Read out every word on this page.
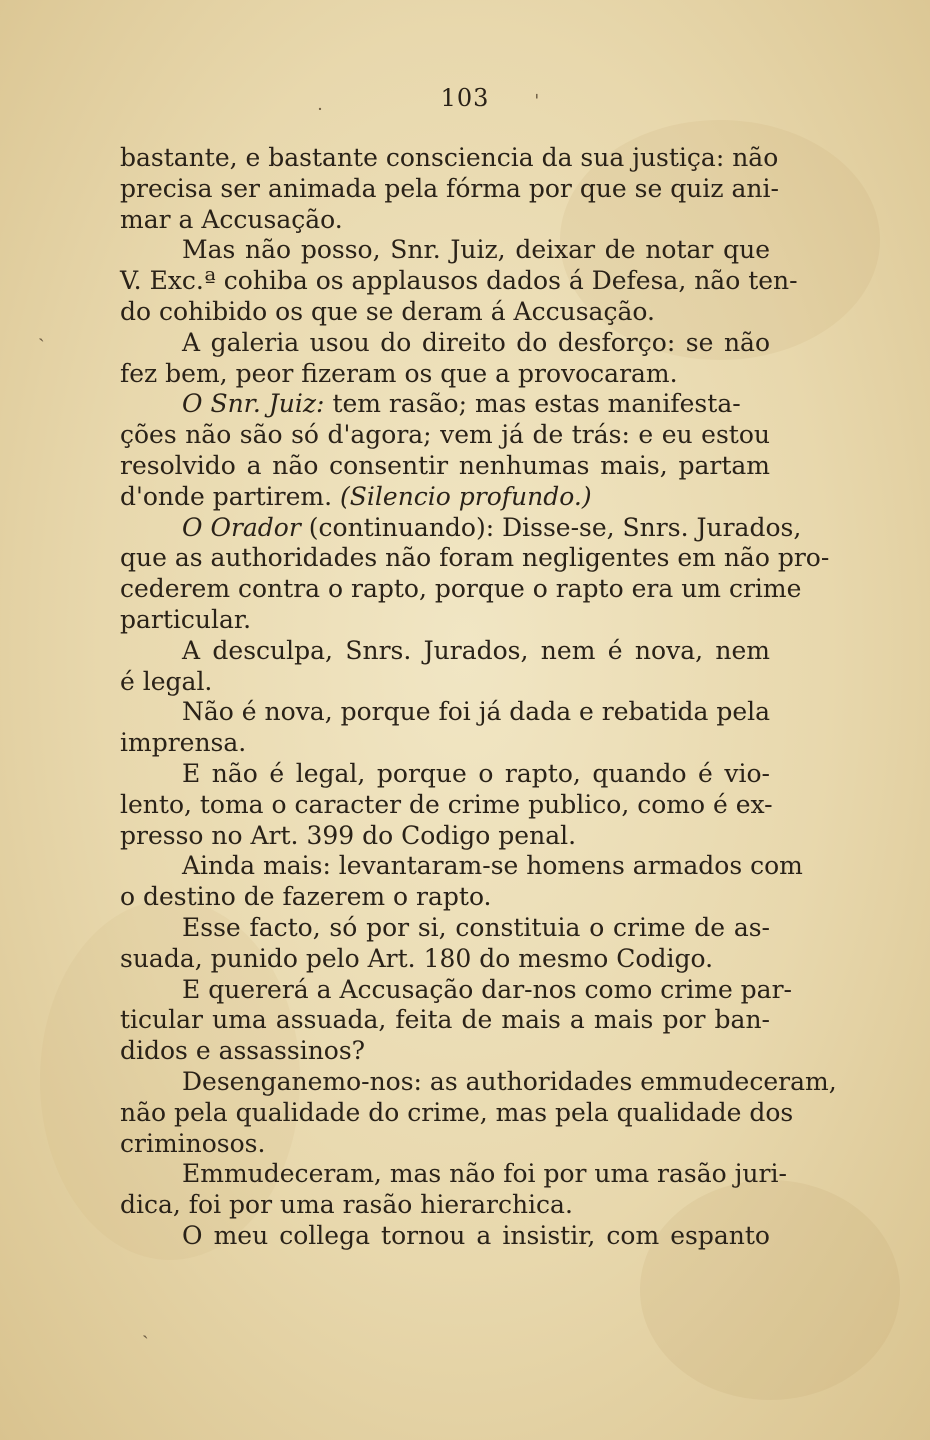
˙
ˈ
ˏ
ˏ
103
bastante, e bastante consciencia da sua justiça: não
precisa ser animada pela fórma por que se quiz ani-
mar a Accusação.
Mas não posso, Snr. Juiz, deixar de notar que
V. Exc.ª cohiba os applausos dados á Defesa, não ten-
do cohibido os que se deram á Accusação.
A galeria usou do direito do desforço: se não
fez bem, peor fizeram os que a provocaram.
O Snr. Juiz: tem rasão; mas estas manifesta-
ções não são só d'agora; vem já de trás: e eu estou
resolvido a não consentir nenhumas mais, partam
d'onde partirem. (Silencio profundo.)
O Orador (continuando): Disse-se, Snrs. Jurados,
que as authoridades não foram negligentes em não pro-
cederem contra o rapto, porque o rapto era um crime
particular.
A desculpa, Snrs. Jurados, nem é nova, nem
é legal.
Não é nova, porque foi já dada e rebatida pela
imprensa.
E não é legal, porque o rapto, quando é vio-
lento, toma o caracter de crime publico, como é ex-
presso no Art. 399 do Codigo penal.
Ainda mais: levantaram-se homens armados com
o destino de fazerem o rapto.
Esse facto, só por si, constituia o crime de as-
suada, punido pelo Art. 180 do mesmo Codigo.
E quererá a Accusação dar-nos como crime par-
ticular uma assuada, feita de mais a mais por ban-
didos e assassinos?
Desenganemo-nos: as authoridades emmudeceram,
não pela qualidade do crime, mas pela qualidade dos
criminosos.
Emmudeceram, mas não foi por uma rasão juri-
dica, foi por uma rasão hierarchica.
O meu collega tornou a insistir, com espanto
